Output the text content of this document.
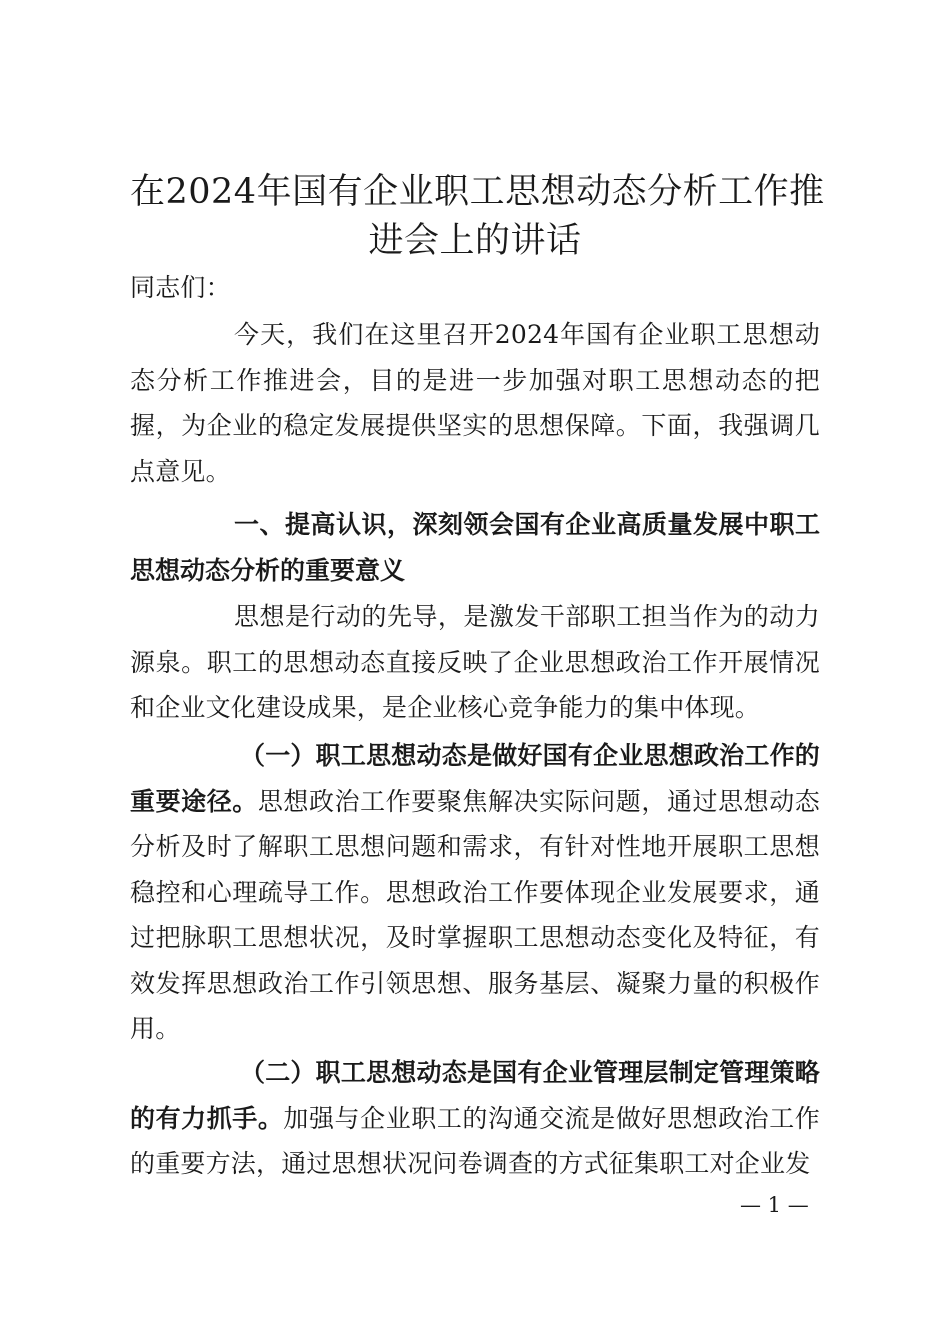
在2024年国有企业职工思想动态分析工作推
进会上的讲话
同志们：
今天，我们在这里召开2024年国有企业职工思想动态分析工作推进会，目的是进一步加强对职工思想动态的把握，为企业的稳定发展提供坚实的思想保障。下面，我强调几点意见。
一、提高认识，深刻领会国有企业高质量发展中职工思想动态分析的重要意义
思想是行动的先导，是激发干部职工担当作为的动力源泉。职工的思想动态直接反映了企业思想政治工作开展情况和企业文化建设成果，是企业核心竞争能力的集中体现。
（一）职工思想动态是做好国有企业思想政治工作的重要途径。思想政治工作要聚焦解决实际问题，通过思想动态分析及时了解职工思想问题和需求，有针对性地开展职工思想稳控和心理疏导工作。思想政治工作要体现企业发展要求，通过把脉职工思想状况，及时掌握职工思想动态变化及特征，有效发挥思想政治工作引领思想、服务基层、凝聚力量的积极作用。
（二）职工思想动态是国有企业管理层制定管理策略的有力抓手。加强与企业职工的沟通交流是做好思想政治工作的重要方法，通过思想状况问卷调查的方式征集职工对企业发
— 1 —
